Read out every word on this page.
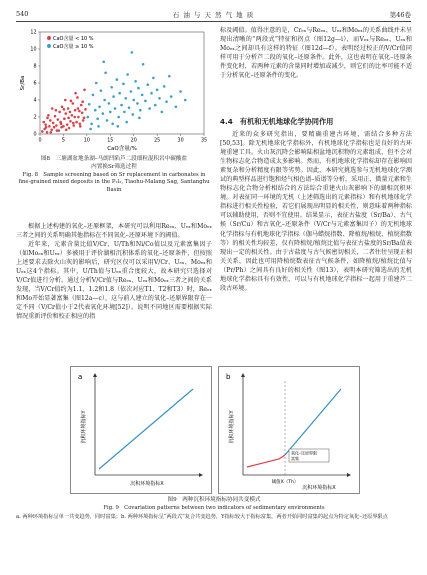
540	石 油 与 天 然 气 地 质	第46卷
0	5	10	15	20	25	30	35
0
2
4
6
8
10
12
CaO含量 < 10 %
CaO含量 ≥ 10 %
Sr/Ba
CaO含量/%
图8　三塘湖盆地条湖–马朗凹陷芦二段细粒混积岩中碳酸盐
内置换Sr筛选过程
Fig. 8　Sample screening based on Sr replacement in carbonates in fine-grained mixed deposits in the P₂l₂, Tiaohu-Malang Sag, Santanghu Basin

根据上述构建的氧化–还原框架，本研究可以利用Reₑₓ、Uₑₓ和Moₑₓ三者之间的关系明确其他指标在不同氧化–还原环境下的阈值。

近年来，元素含量比值V/Cr、U/Th和Ni/Co值以及元素富集因子（如Moₑₓ和Uₑₓ）多被用于评价湖相沉积体系的氧化–还原条件，但按照上述要求去除火山灰的影响后，研究区仅可以采用V/Cr、Uₑₓ、Moₑₓ和Uₑₓ这4个指标。其中，U/Th值与Uₑₓ重合度较大，故本研究只选择对V/Cr值进行分析。通过分析V/Cr值与Reₑₓ、Uₑₓ和Moₑₓ三者之间的关系发现，当V/Cr值约为1.1、1.2和1.8（依次对应T1、T2和T3）时，Reₑₓ和Mo开始显著富集（图12a—c），这与前人建立的氧化–还原界限存在一定不同（V/Cr值小于2代表氧化环境[52]）。说明不同地区需要根据实际情况重新评价和校正相应的指

标及阈值。值得注意的是，Crₑₓ与Reₑₓ、Uₑₓ和Moₑₓ的关系曲线并未呈现出清晰的“两段式”特征和拐点（图12g—i），而Vₑₓ与Reₑₓ、Uₑₓ和Moₑₓ之间却具有这样的特征（图12d—f）。表明经过校正的V/Cr值同样可用于分析芦二段的氧化–还原条件。此外，这也表明在氧化–还原条件变化时，若两种元素的含量同时增加或减少，则它们的比率可能不适于分析氧化–还原条件的变化。

4.4　有机和无机地球化学协同作用

近来的众多研究指出，要精确重建古环境，需结合多种方法[50,53]。除无机地球化学指标外，有机地球化学指标也是良好的古环境重建工具。火山灰沉降会影响陆相盆地沉积物的元素组成，但不会对生物标志化合物造成太多影响。然而，有机地球化学指标却存在影响因素复杂和分析精度有限等劣势。因此，本研究挑选参与无机地球化学测试的典型样品进行饱和烃气相色谱–质谱等分析，采用正、微量元素和生物标志化合物分析相结合的方法综合重建火山灰影响下的湖相沉积环境。对表征同一环境的无机（上述筛选出的元素指标）和有机地球化学指标进行相关性检验，若它们展现出明显的相关性，则意味着两种指标可以辅助使用，否则不宜使用。结果显示，表征古盐度（Sr/Ba）、古气候（Sr/Cu）和古氧化–还原条件（V/Cr与元素富集因子）的无机地球化学指标与有机地球化学指标（伽马蜡烷指数、降植烷/植烷、植烷指数等）的相关性均较差，仅有降植烷/植烷比值与表征古盐度的Sr/Ba值表现出一定的相关性。由于古盐度与古气候密切相关，二者往往呈现正相关关系，因此也可用降植烷数表征古气候条件，如降植烷/植烷比值与（Pr/Ph）之间具有良好的相关性（图13），表明本研究筛选出的无机地球化学指标具有有效性，可以与有机地球化学指标一起用于重建芦二段古环境。

a
沉积环境指标Y
沉积环境指标X
b
氧化–还原界限
富集
阈值X（Th）
沉积环境指标Y
沉积环境指标X
图9　两种沉积环境指标协同共变模式
Fig. 9　Covariation patterns between two indicators of sedimentary environments
a. 两种环境指标呈单一共变趋势，同时富集；b. 两种环境指标呈“两段式”复合共变趋势，Y指标较大于指标富集，两者开始同时富集的起点为特定氧化–还原界限点
